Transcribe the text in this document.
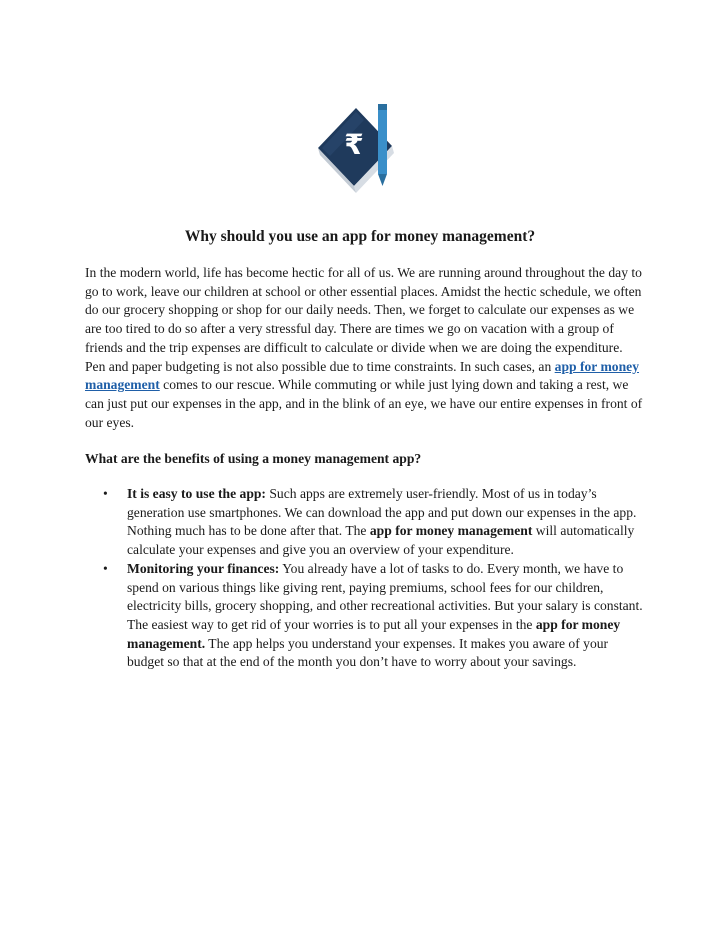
₹
Why should you use an app for money management?

In the modern world, life has become hectic for all of us. We are running around throughout the day to go to work, leave our children at school or other essential places. Amidst the hectic schedule, we often do our grocery shopping or shop for our daily needs. Then, we forget to calculate our expenses as we are too tired to do so after a very stressful day. There are times we go on vacation with a group of friends and the trip expenses are difficult to calculate or divide when we are doing the expenditure. Pen and paper budgeting is not also possible due to time constraints. In such cases, an app for money management comes to our rescue. While commuting or while just lying down and taking a rest, we can just put our expenses in the app, and in the blink of an eye, we have our entire expenses in front of our eyes.

What are the benefits of using a money management app?

• It is easy to use the app: Such apps are extremely user-friendly. Most of us in today’s generation use smartphones. We can download the app and put down our expenses in the app. Nothing much has to be done after that. The app for money management will automatically calculate your expenses and give you an overview of your expenditure.
• Monitoring your finances: You already have a lot of tasks to do. Every month, we have to spend on various things like giving rent, paying premiums, school fees for our children, electricity bills, grocery shopping, and other recreational activities. But your salary is constant. The easiest way to get rid of your worries is to put all your expenses in the app for money management. The app helps you understand your expenses. It makes you aware of your budget so that at the end of the month you don’t have to worry about your savings.
